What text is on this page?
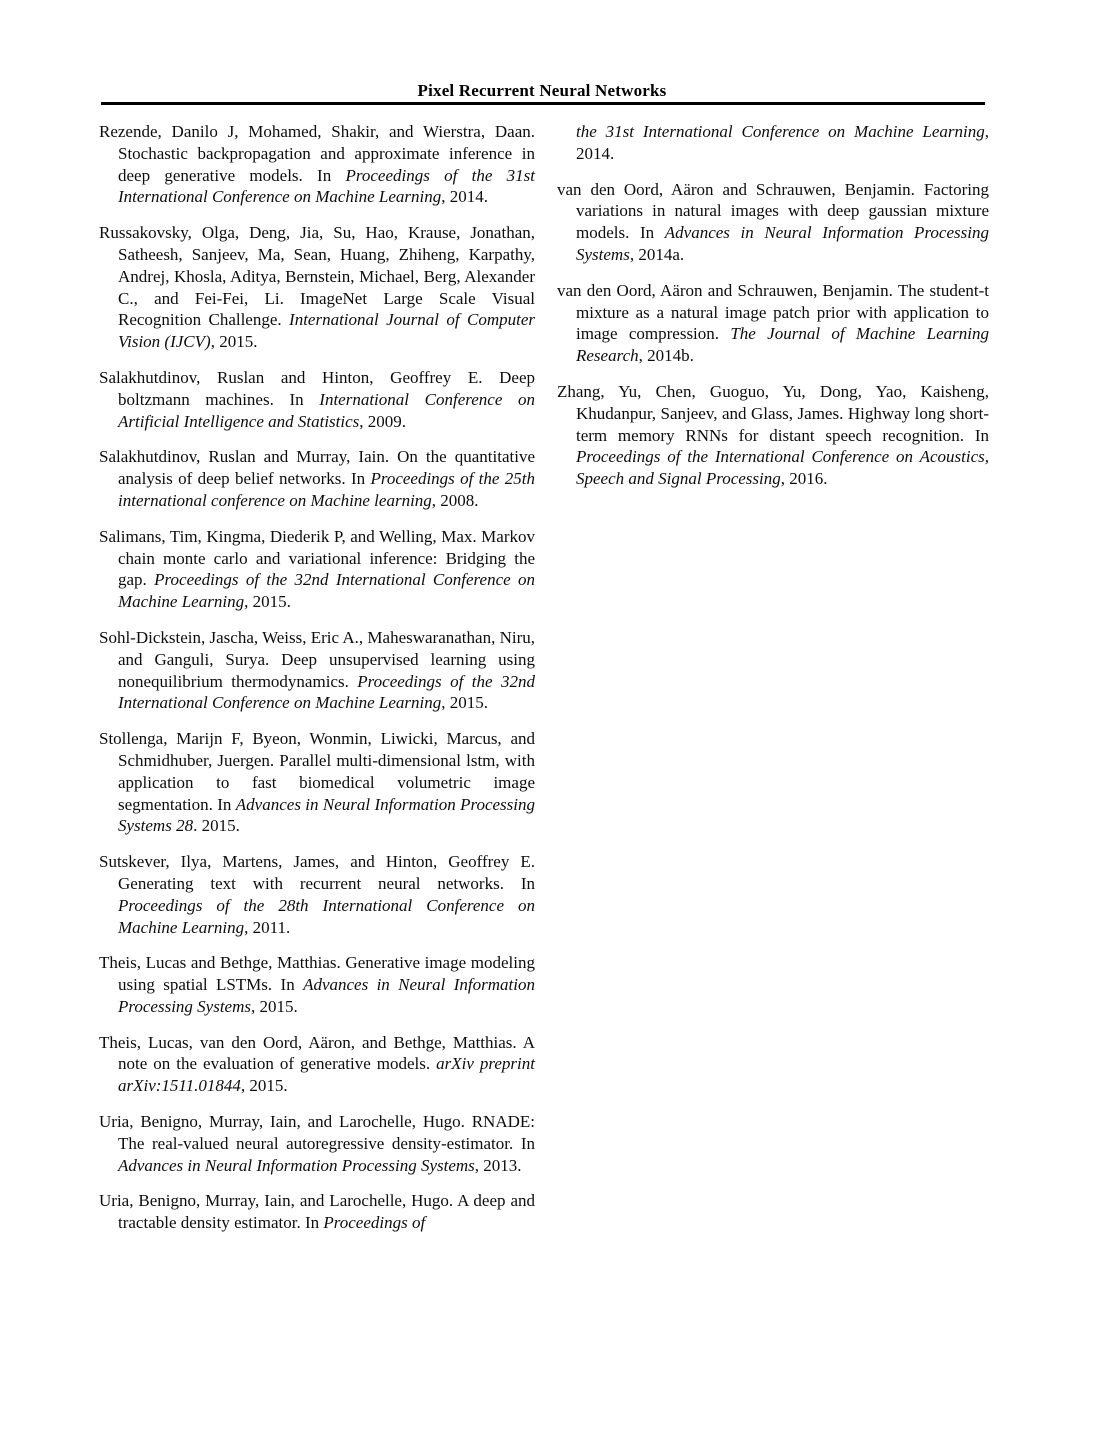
Pixel Recurrent Neural Networks

Rezende, Danilo J, Mohamed, Shakir, and Wierstra, Daan. Stochastic backpropagation and approximate inference in deep generative models. In Proceedings of the 31st International Conference on Machine Learning, 2014.

Russakovsky, Olga, Deng, Jia, Su, Hao, Krause, Jonathan, Satheesh, Sanjeev, Ma, Sean, Huang, Zhiheng, Karpathy, Andrej, Khosla, Aditya, Bernstein, Michael, Berg, Alexander C., and Fei-Fei, Li. ImageNet Large Scale Visual Recognition Challenge. International Journal of Computer Vision (IJCV), 2015.

Salakhutdinov, Ruslan and Hinton, Geoffrey E. Deep boltzmann machines. In International Conference on Artificial Intelligence and Statistics, 2009.

Salakhutdinov, Ruslan and Murray, Iain. On the quantitative analysis of deep belief networks. In Proceedings of the 25th international conference on Machine learning, 2008.

Salimans, Tim, Kingma, Diederik P, and Welling, Max. Markov chain monte carlo and variational inference: Bridging the gap. Proceedings of the 32nd International Conference on Machine Learning, 2015.

Sohl-Dickstein, Jascha, Weiss, Eric A., Maheswaranathan, Niru, and Ganguli, Surya. Deep unsupervised learning using nonequilibrium thermodynamics. Proceedings of the 32nd International Conference on Machine Learning, 2015.

Stollenga, Marijn F, Byeon, Wonmin, Liwicki, Marcus, and Schmidhuber, Juergen. Parallel multi-dimensional lstm, with application to fast biomedical volumetric image segmentation. In Advances in Neural Information Processing Systems 28. 2015.

Sutskever, Ilya, Martens, James, and Hinton, Geoffrey E. Generating text with recurrent neural networks. In Proceedings of the 28th International Conference on Machine Learning, 2011.

Theis, Lucas and Bethge, Matthias. Generative image modeling using spatial LSTMs. In Advances in Neural Information Processing Systems, 2015.

Theis, Lucas, van den Oord, Aäron, and Bethge, Matthias. A note on the evaluation of generative models. arXiv preprint arXiv:1511.01844, 2015.

Uria, Benigno, Murray, Iain, and Larochelle, Hugo. RNADE: The real-valued neural autoregressive density-estimator. In Advances in Neural Information Processing Systems, 2013.

Uria, Benigno, Murray, Iain, and Larochelle, Hugo. A deep and tractable density estimator. In Proceedings of

the 31st International Conference on Machine Learning, 2014.

van den Oord, Aäron and Schrauwen, Benjamin. Factoring variations in natural images with deep gaussian mixture models. In Advances in Neural Information Processing Systems, 2014a.

van den Oord, Aäron and Schrauwen, Benjamin. The student-t mixture as a natural image patch prior with application to image compression. The Journal of Machine Learning Research, 2014b.

Zhang, Yu, Chen, Guoguo, Yu, Dong, Yao, Kaisheng, Khudanpur, Sanjeev, and Glass, James. Highway long short-term memory RNNs for distant speech recognition. In Proceedings of the International Conference on Acoustics, Speech and Signal Processing, 2016.
